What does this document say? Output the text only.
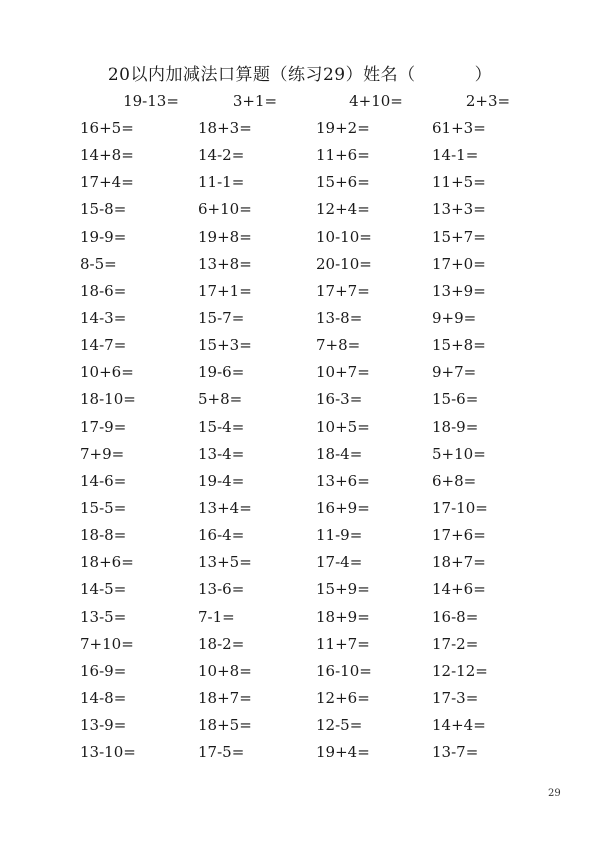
20以内加减法口算题（练习29）姓名（          ）
19-13=	3+1=	4+10=	2+3=
16+5=	18+3=	19+2=	61+3=
14+8=	14-2=	11+6=	14-1=
17+4=	11-1=	15+6=	11+5=
15-8=	6+10=	12+4=	13+3=
19-9=	19+8=	10-10=	15+7=
8-5=	13+8=	20-10=	17+0=
18-6=	17+1=	17+7=	13+9=
14-3=	15-7=	13-8=	9+9=
14-7=	15+3=	7+8=	15+8=
10+6=	19-6=	10+7=	9+7=
18-10=	5+8=	16-3=	15-6=
17-9=	15-4=	10+5=	18-9=
7+9=	13-4=	18-4=	5+10=
14-6=	19-4=	13+6=	6+8=
15-5=	13+4=	16+9=	17-10=
18-8=	16-4=	11-9=	17+6=
18+6=	13+5=	17-4=	18+7=
14-5=	13-6=	15+9=	14+6=
13-5=	7-1=	18+9=	16-8=
7+10=	18-2=	11+7=	17-2=
16-9=	10+8=	16-10=	12-12=
14-8=	18+7=	12+6=	17-3=
13-9=	18+5=	12-5=	14+4=
13-10=	17-5=	19+4=	13-7=
29
